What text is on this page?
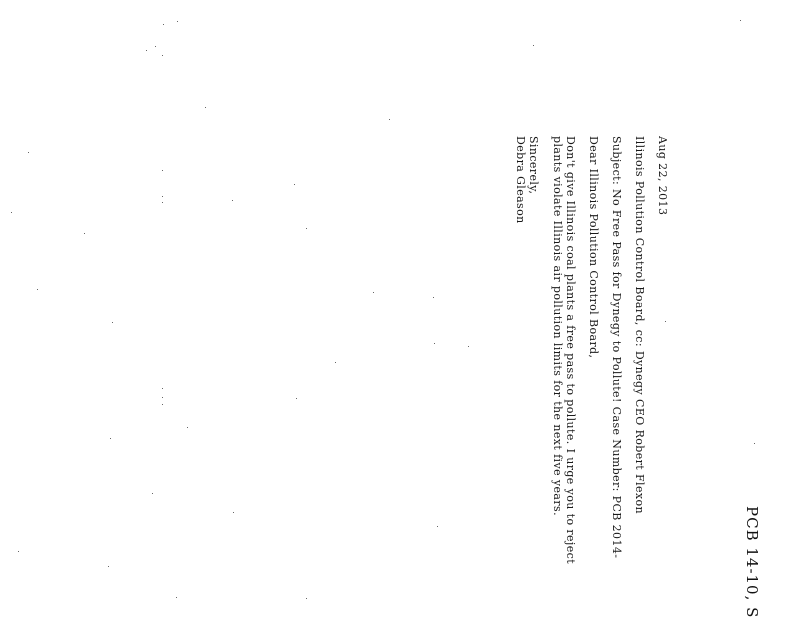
PCB 14-10, S
Aug 22, 2013
Illinois Pollution Control Board, cc: Dynegy CEO Robert Flexon
Subject: No Free Pass for Dynegy to Pollute! Case Number: PCB 2014-
Dear Illinois Pollution Control Board,
Don't give Illinois coal plants a free pass to pollute. I urge you to reject
plants violate Illinois air pollution limits for the next five years.
Sincerely,
Debra Gleason
